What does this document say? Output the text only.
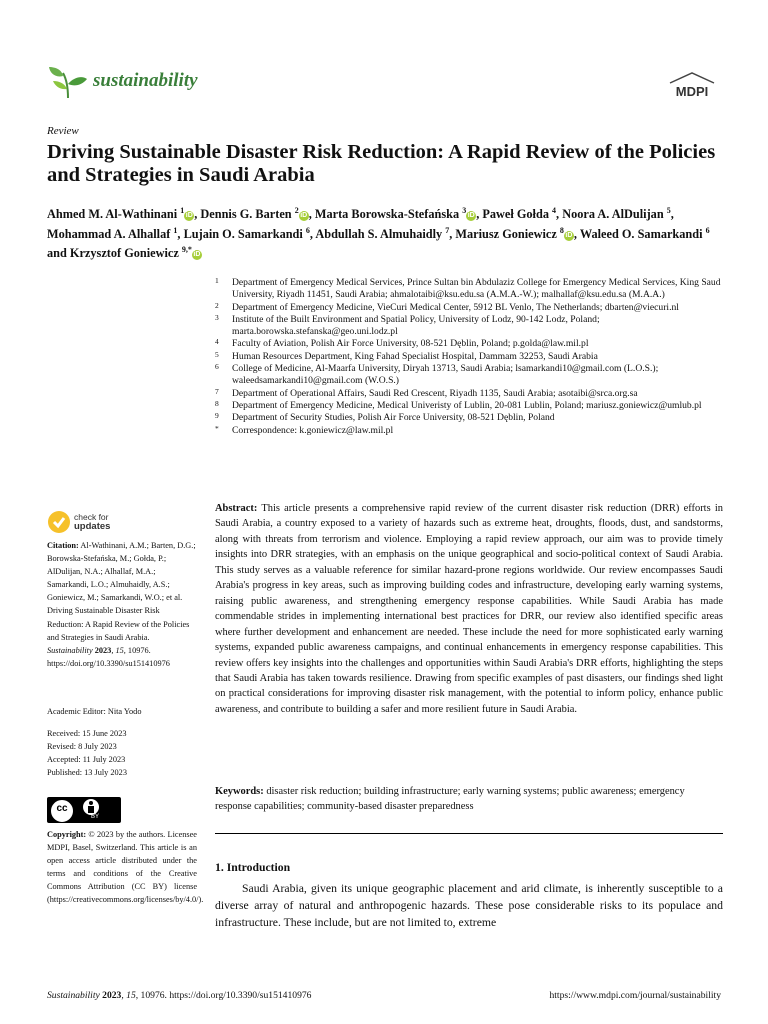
sustainability
MDPI
Review
Driving Sustainable Disaster Risk Reduction: A Rapid Review of the Policies and Strategies in Saudi Arabia
Ahmed M. Al-Wathinani $^1$iD , Dennis G. Barten $^2$iD , Marta Borowska-Stefańska $^3$iD , Paweł Gołda $^4$, Noora A. AlDulijan $^5$, Mohammad A. Alhallaf $^1$, Lujain O. Samarkandi $^6$, Abdullah S. Almuhaidly $^7$, Mariusz Goniewicz $^8$iD , Waleed O. Samarkandi $^6$ and Krzysztof Goniewicz $^{9,*}$iD
1 Department of Emergency Medical Services, Prince Sultan bin Abdulaziz College for Emergency Medical Services, King Saud University, Riyadh 11451, Saudi Arabia; ahmalotaibi@ksu.edu.sa (A.M.A.-W.); malhallaf@ksu.edu.sa (M.A.A.)
2 Department of Emergency Medicine, VieCuri Medical Center, 5912 BL Venlo, The Netherlands; dbarten@viecuri.nl
3 Institute of the Built Environment and Spatial Policy, University of Lodz, 90-142 Lodz, Poland; marta.borowska.stefanska@geo.uni.lodz.pl
4 Faculty of Aviation, Polish Air Force University, 08-521 Dęblin, Poland; p.golda@law.mil.pl
5 Human Resources Department, King Fahad Specialist Hospital, Dammam 32253, Saudi Arabia
6 College of Medicine, Al-Maarfa University, Diryah 13713, Saudi Arabia; lsamarkandi10@gmail.com (L.O.S.); waleedsamarkandi10@gmail.com (W.O.S.)
7 Department of Operational Affairs, Saudi Red Crescent, Riyadh 1135, Saudi Arabia; asotaibi@srca.org.sa
8 Department of Emergency Medicine, Medical Univeristy of Lublin, 20-081 Lublin, Poland; mariusz.goniewicz@umlub.pl
9 Department of Security Studies, Polish Air Force University, 08-521 Dęblin, Poland
* Correspondence: k.goniewicz@law.mil.pl
check for
updates
Citation: Al-Wathinani, A.M.; Barten, D.G.; Borowska-Stefańska, M.; Gołda, P.; AlDulijan, N.A.; Alhallaf, M.A.; Samarkandi, L.O.; Almuhaidly, A.S.; Goniewicz, M.; Samarkandi, W.O.; et al. Driving Sustainable Disaster Risk Reduction: A Rapid Review of the Policies and Strategies in Saudi Arabia. Sustainability 2023, 15, 10976. https://doi.org/10.3390/su151410976
Academic Editor: Nita Yodo
Received: 15 June 2023
Revised: 8 July 2023
Accepted: 11 July 2023
Published: 13 July 2023
cc
BY
Copyright: © 2023 by the authors. Licensee MDPI, Basel, Switzerland. This article is an open access article distributed under the terms and conditions of the Creative Commons Attribution (CC BY) license (https://creativecommons.org/licenses/by/4.0/).
Abstract: This article presents a comprehensive rapid review of the current disaster risk reduction (DRR) efforts in Saudi Arabia, a country exposed to a variety of hazards such as extreme heat, droughts, floods, dust, and sandstorms, along with threats from terrorism and violence. Employing a rapid review approach, our aim was to provide timely insights into DRR strategies, with an emphasis on the unique geographical and socio-political context of Saudi Arabia. This study serves as a valuable reference for similar hazard-prone regions worldwide. Our review encompasses Saudi Arabia's progress in key areas, such as improving building codes and infrastructure, developing early warning systems, raising public awareness, and strengthening emergency response capabilities. While Saudi Arabia has made commendable strides in implementing international best practices for DRR, our review also identified specific areas where further development and enhancement are needed. These include the need for more sophisticated early warning systems, expanded public awareness campaigns, and continual enhancements in emergency response capabilities. This review offers key insights into the challenges and opportunities within Saudi Arabia's DRR efforts, highlighting the steps that Saudi Arabia has taken towards resilience. Drawing from specific examples of past disasters, our findings shed light on practical considerations for improving disaster risk management, with the potential to inform policy, enhance public awareness, and contribute to building a safer and more resilient future in Saudi Arabia.
Keywords: disaster risk reduction; building infrastructure; early warning systems; public awareness; emergency response capabilities; community-based disaster preparedness
1. Introduction
Saudi Arabia, given its unique geographic placement and arid climate, is inherently susceptible to a diverse array of natural and anthropogenic hazards. These pose considerable risks to its populace and infrastructure. These include, but are not limited to, extreme
Sustainability 2023, 15, 10976. https://doi.org/10.3390/su151410976	https://www.mdpi.com/journal/sustainability
